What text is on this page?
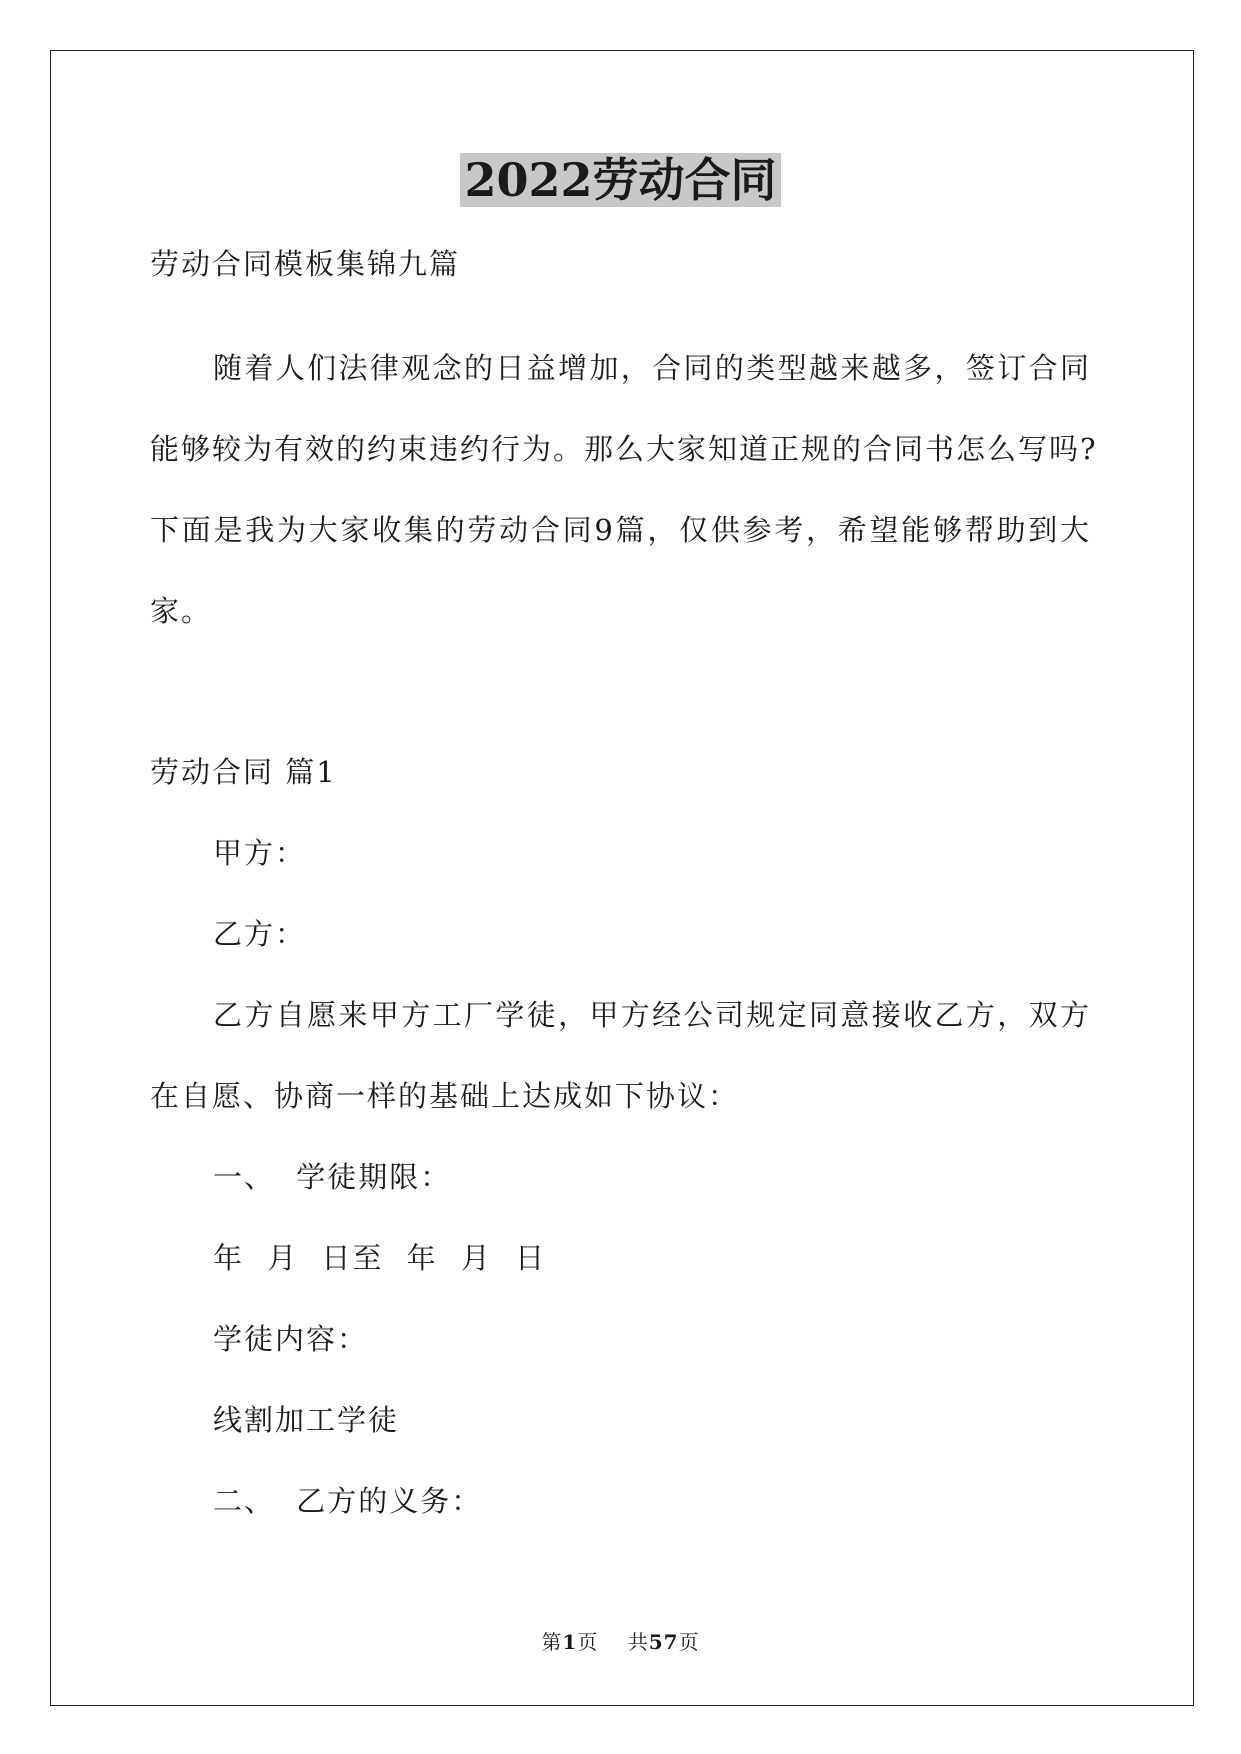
2022劳动合同
劳动合同模板集锦九篇
随着人们法律观念的日益增加，合同的类型越来越多，签订合同
能够较为有效的约束违约行为。那么大家知道正规的合同书怎么写吗?
下面是我为大家收集的劳动合同9篇，仅供参考，希望能够帮助到大
家。
劳动合同 篇1
甲方：
乙方：
乙方自愿来甲方工厂学徒，甲方经公司规定同意接收乙方，双方
在自愿、协商一样的基础上达成如下协议：
一、 学徒期限：
年 月 日至 年 月 日
学徒内容：
线割加工学徒
二、 乙方的义务：
第1页 共57页
